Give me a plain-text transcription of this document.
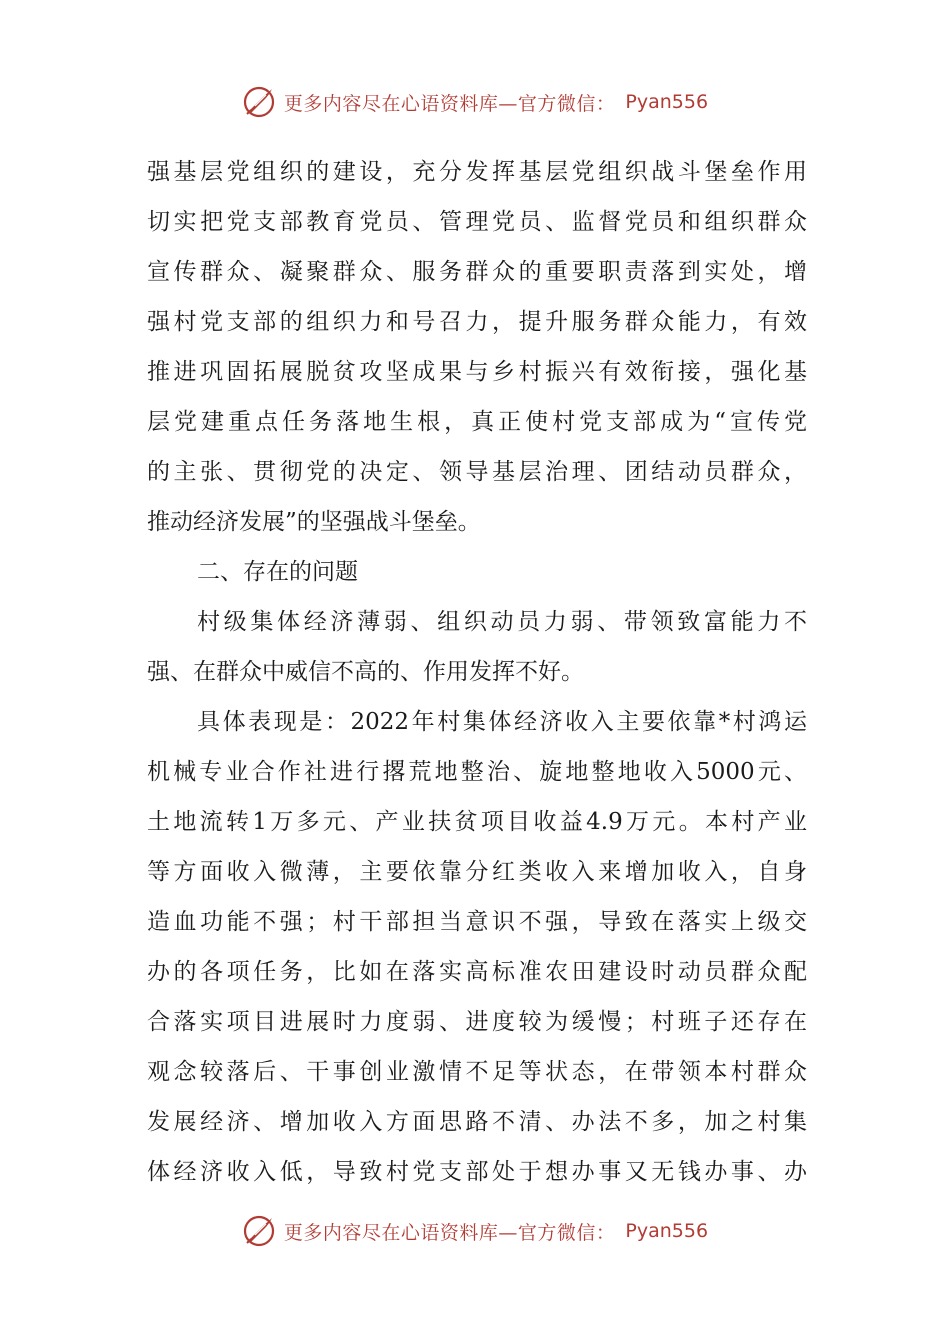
更多内容尽在心语资料库—官方微信： Pyan556
强基层党组织的建设，充分发挥基层党组织战斗堡垒作用
切实把党支部教育党员、管理党员、监督党员和组织群众
宣传群众、凝聚群众、服务群众的重要职责落到实处，增
强村党支部的组织力和号召力，提升服务群众能力，有效
推进巩固拓展脱贫攻坚成果与乡村振兴有效衔接，强化基
层党建重点任务落地生根，真正使村党支部成为“宣传党
的主张、贯彻党的决定、领导基层治理、团结动员群众，
推动经济发展”的坚强战斗堡垒。
二、存在的问题
村级集体经济薄弱、组织动员力弱、带领致富能力不
强、在群众中威信不高的、作用发挥不好。
具体表现是：2022年村集体经济收入主要依靠*村鸿运
机械专业合作社进行撂荒地整治、旋地整地收入5000元、
土地流转1万多元、产业扶贫项目收益4.9万元。本村产业
等方面收入微薄，主要依靠分红类收入来增加收入，自身
造血功能不强；村干部担当意识不强，导致在落实上级交
办的各项任务，比如在落实高标准农田建设时动员群众配
合落实项目进展时力度弱、进度较为缓慢；村班子还存在
观念较落后、干事创业激情不足等状态，在带领本村群众
发展经济、增加收入方面思路不清、办法不多，加之村集
体经济收入低，导致村党支部处于想办事又无钱办事、办
更多内容尽在心语资料库—官方微信： Pyan556
